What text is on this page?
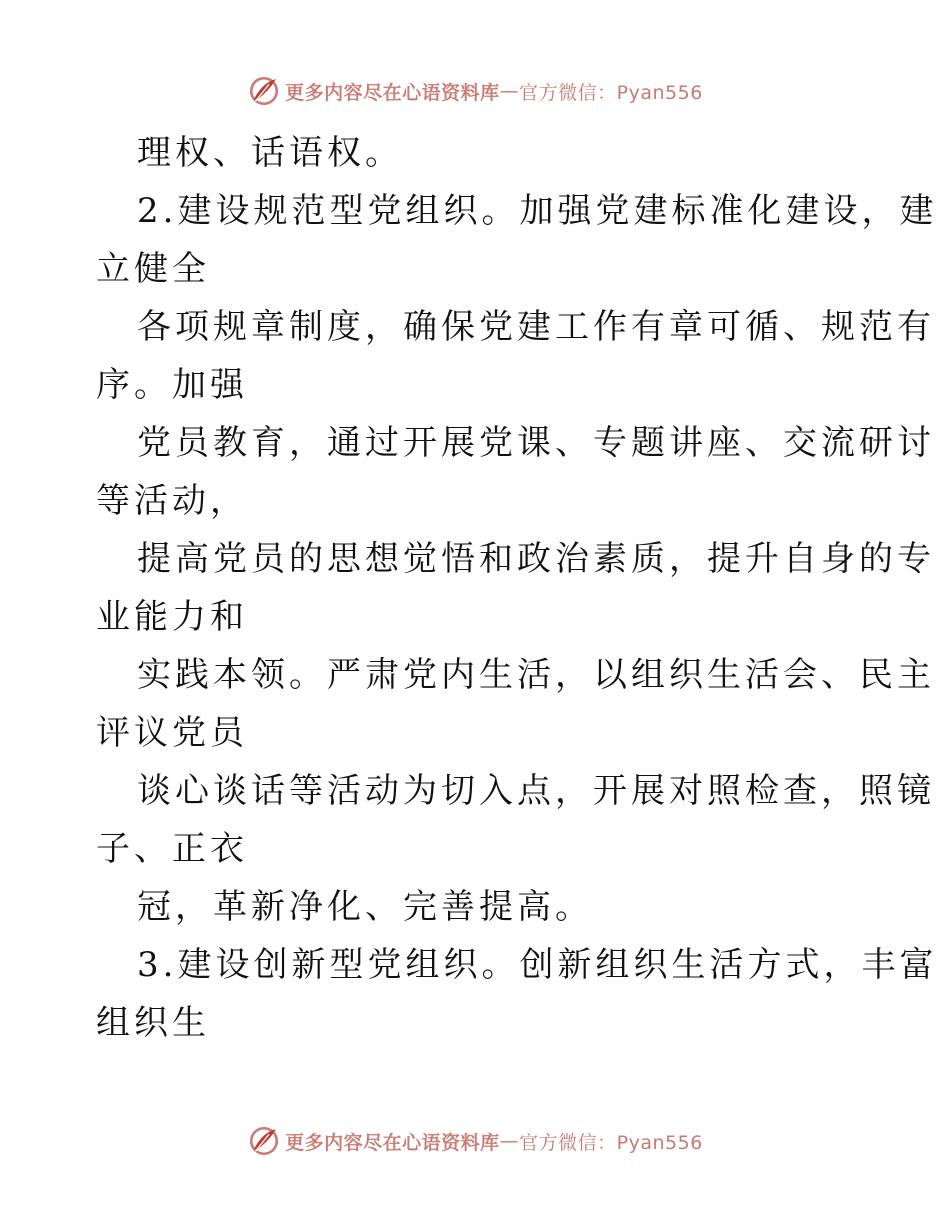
更多内容尽在心语资料库 — 官方微信：Pyan556
理权、话语权。
2.建设规范型党组织。加强党建标准化建设，建
立健全
各项规章制度，确保党建工作有章可循、规范有
序。加强
党员教育，通过开展党课、专题讲座、交流研讨
等活动，
提高党员的思想觉悟和政治素质，提升自身的专
业能力和
实践本领。严肃党内生活，以组织生活会、民主
评议党员
谈心谈话等活动为切入点，开展对照检查，照镜
子、正衣
冠，革新净化、完善提高。
3.建设创新型党组织。创新组织生活方式，丰富
组织生
更多内容尽在心语资料库 — 官方微信：Pyan556
